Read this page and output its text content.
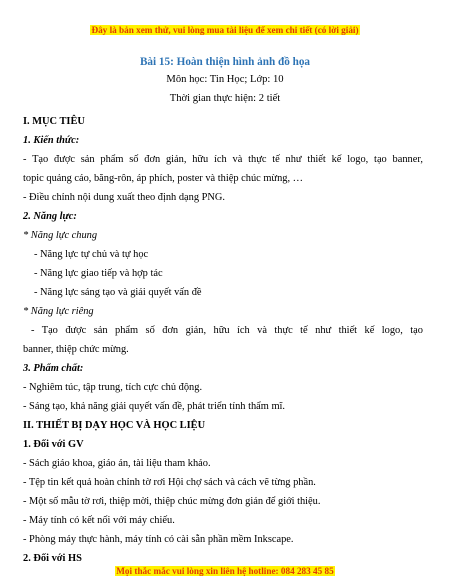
Đây là bản xem thử, vui lòng mua tài liệu để xem chi tiết (có lời giải)
Bài 15: Hoàn thiện hình ảnh đồ họa
Môn học: Tin Học; Lớp: 10
Thời gian thực hiện: 2 tiết
I. MỤC TIÊU
1. Kiến thức:
- Tạo được sản phẩm số đơn giản, hữu ích và thực tế như thiết kế logo, tạo banner,
topic quảng cáo, băng-rôn, áp phích, poster và thiệp chúc mừng, …
- Điều chỉnh nội dung xuất theo định dạng PNG.
2. Năng lực:
* Năng lực chung
- Năng lực tự chủ và tự học
- Năng lực giao tiếp và hợp tác
- Năng lực sáng tạo và giải quyết vấn đề
* Năng lực riêng
- Tạo được sản phẩm số đơn giản, hữu ích và thực tế như thiết kế logo, tạo
banner, thiệp chức mừng.
3. Phẩm chất:
- Nghiêm túc, tập trung, tích cực chủ động.
- Sáng tạo, khả năng giải quyết vấn đề, phát triển tính thẩm mĩ.
II. THIẾT BỊ DẠY HỌC VÀ HỌC LIỆU
1. Đối với GV
- Sách giáo khoa, giáo án, tài liệu tham khảo.
- Tệp tin kết quả hoàn chỉnh tờ rơi Hội chợ sách và cách vẽ từng phần.
- Một số mẫu tờ rơi, thiệp mời, thiệp chúc mừng đơn giản để giới thiệu.
- Máy tính có kết nối với máy chiếu.
- Phòng máy thực hành, máy tính có cài sẵn phần mềm Inkscape.
2. Đối với HS
Mọi thắc mắc vui lòng xin liên hệ hotline: 084 283 45 85
